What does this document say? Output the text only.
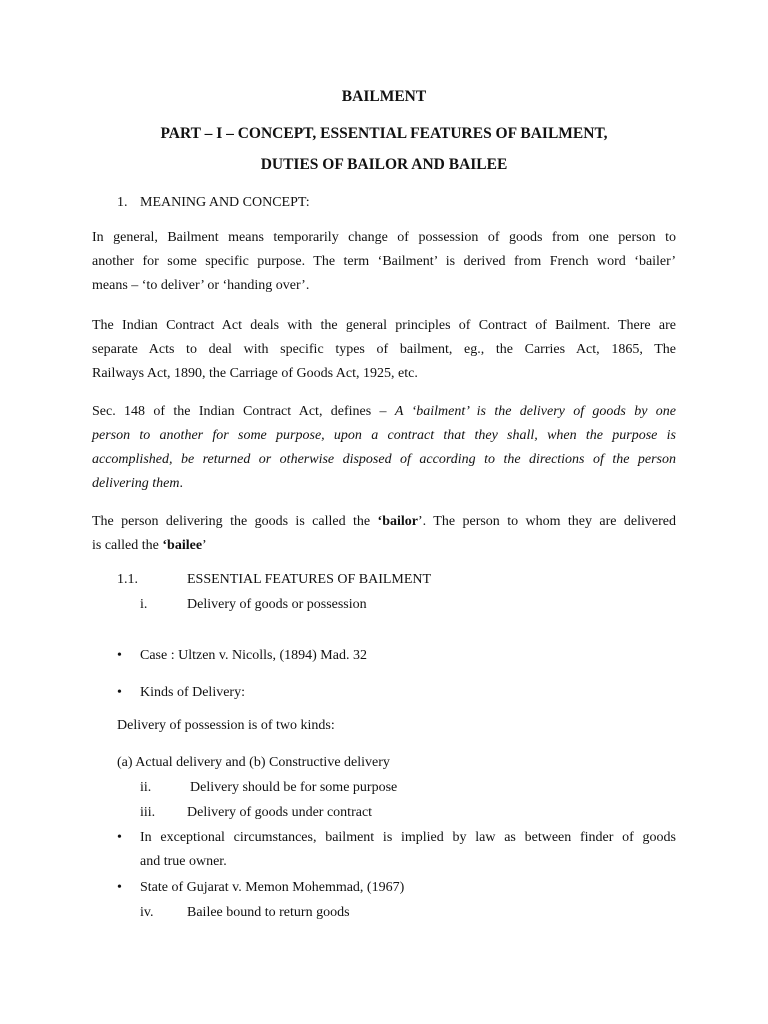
BAILMENT
PART – I – CONCEPT, ESSENTIAL FEATURES OF BAILMENT,
DUTIES OF BAILOR AND BAILEE
1. MEANING AND CONCEPT:
In general, Bailment means temporarily change of possession of goods from one person to
another for some specific purpose. The term ‘Bailment’ is derived from French word ‘bailer’
means – ‘to deliver’ or ‘handing over’.
The Indian Contract Act deals with the general principles of Contract of Bailment. There are
separate Acts to deal with specific types of bailment, eg., the Carries Act, 1865, The
Railways Act, 1890, the Carriage of Goods Act, 1925, etc.
Sec. 148 of the Indian Contract Act, defines – A ‘bailment’ is the delivery of goods by one
person to another for some purpose, upon a contract that they shall, when the purpose is
accomplished, be returned or otherwise disposed of according to the directions of the person
delivering them.
The person delivering the goods is called the ‘bailor’. The person to whom they are delivered
is called the ‘bailee’
1.1.	ESSENTIAL FEATURES OF BAILMENT
i.	Delivery of goods or possession
• Case : Ultzen v. Nicolls, (1894) Mad. 32
• Kinds of Delivery:
Delivery of possession is of two kinds:
(a) Actual delivery and (b) Constructive delivery
ii.	Delivery should be for some purpose
iii. Delivery of goods under contract
• In exceptional circumstances, bailment is implied by law as between finder of goods
and true owner.
• State of Gujarat v. Memon Mohemmad, (1967)
iv. Bailee bound to return goods
